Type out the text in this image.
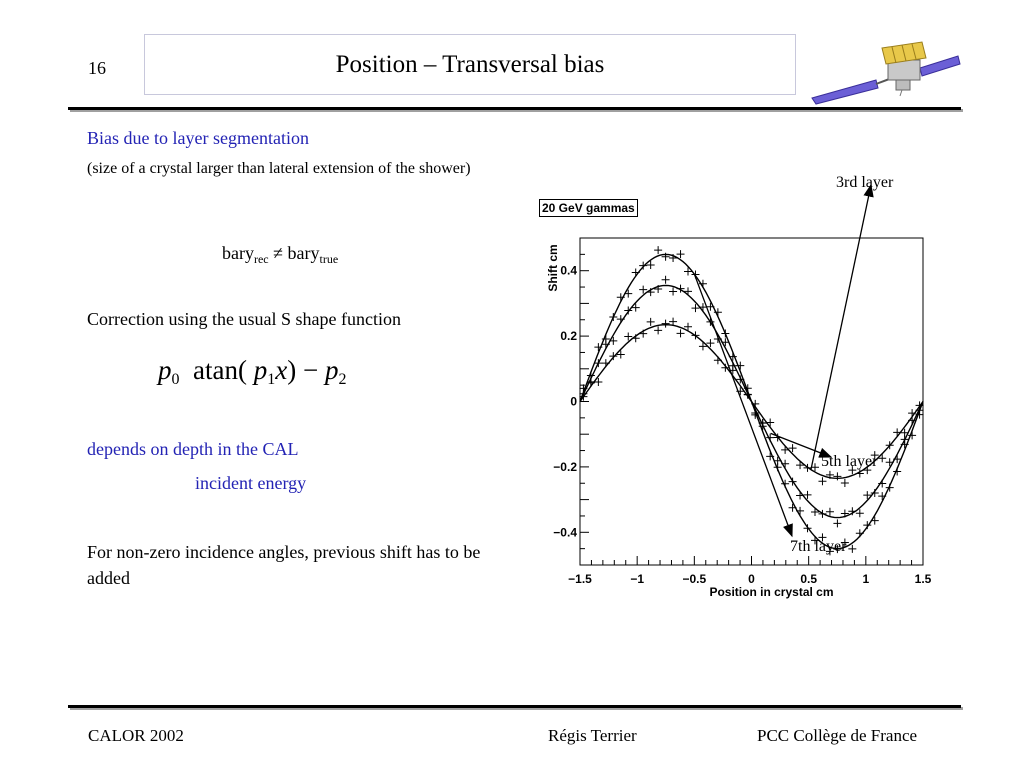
16	Position – Transversal bias
Bias due to layer segmentation
(size of a crystal larger than lateral extension of the shower)
bary$_{rec}$ ≠ bary$_{true}$
Correction using the usual S shape function
p0 atan( p1x) − p2
depends on depth in the CAL
incident energy
For non-zero incidence angles, previous shift has to be added
20 GeV gammas
−1.5	−1	−0.5	0	0.5	1	1.5
−0.4
−0.2
0
0.2
0.4
Position in crystal cm
Shift cm
3rd layer
5th layer
7th layer
CALOR 2002	Régis Terrier	PCC Collège de France
